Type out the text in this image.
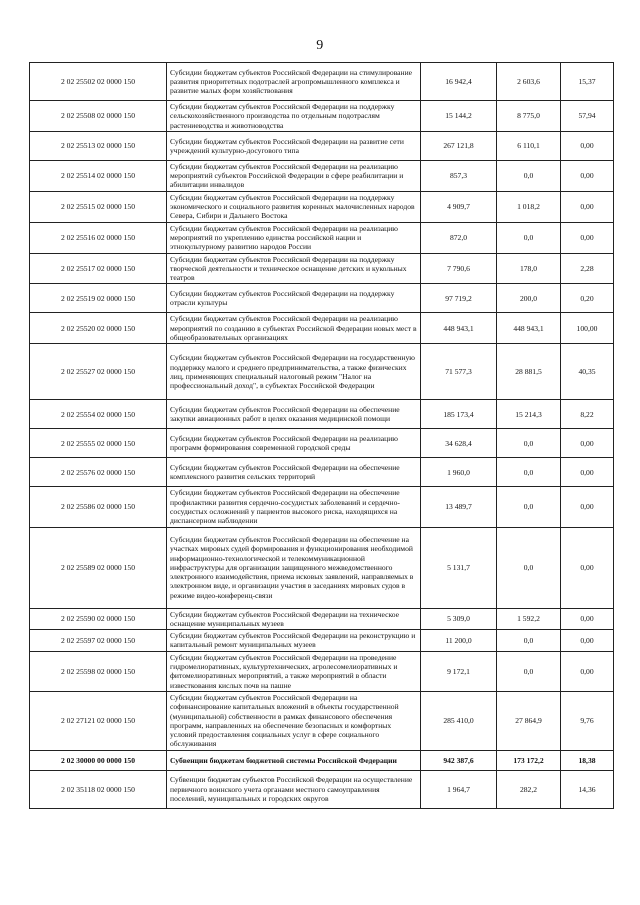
9
2 02 25502 02 0000 150	Субсидии бюджетам субъектов Российской Федерации на стимулирование развития приоритетных подотраслей агропромышленного комплекса и развитие малых форм хозяйствования	16 942,4	2 603,6	15,37
2 02 25508 02 0000 150	Субсидии бюджетам субъектов Российской Федерации на поддержку сельскохозяйственного производства по отдельным подотраслям растениеводства и животноводства	15 144,2	8 775,0	57,94
2 02 25513 02 0000 150	Субсидии бюджетам субъектов Российской Федерации на развитие сети учреждений культурно-досугового типа	267 121,8	6 110,1	0,00
2 02 25514 02 0000 150	Субсидии бюджетам субъектов Российской Федерации на реализацию мероприятий субъектов Российской Федерации в сфере реабилитации и абилитации инвалидов	857,3	0,0	0,00
2 02 25515 02 0000 150	Субсидии бюджетам субъектов Российской Федерации на поддержку экономического и социального развития коренных малочисленных народов Севера, Сибири и Дальнего Востока	4 909,7	1 018,2	0,00
2 02 25516 02 0000 150	Субсидии бюджетам субъектов Российской Федерации на реализацию мероприятий по укреплению единства российской нации и этнокультурному развитию народов России	872,0	0,0	0,00
2 02 25517 02 0000 150	Субсидии бюджетам субъектов Российской Федерации на поддержку творческой деятельности и техническое оснащение детских и кукольных театров	7 790,6	178,0	2,28
2 02 25519 02 0000 150	Субсидии бюджетам субъектов Российской Федерации на поддержку отрасли культуры	97 719,2	200,0	0,20
2 02 25520 02 0000 150	Субсидии бюджетам субъектов Российской Федерации на реализацию мероприятий по созданию в субъектах Российской Федерации новых мест в общеобразовательных организациях	448 943,1	448 943,1	100,00
2 02 25527 02 0000 150	Субсидии бюджетам субъектов Российской Федерации на государственную поддержку малого и среднего предпринимательства, а также физических лиц, применяющих специальный налоговый режим "Налог на профессиональный доход", в субъектах Российской Федерации	71 577,3	28 881,5	40,35
2 02 25554 02 0000 150	Субсидии бюджетам субъектов Российской Федерации на обеспечение закупки авиационных работ в целях оказания медицинской помощи	185 173,4	15 214,3	8,22
2 02 25555 02 0000 150	Субсидии бюджетам субъектов Российской Федерации на реализацию программ формирования современной городской среды	34 628,4	0,0	0,00
2 02 25576 02 0000 150	Субсидии бюджетам субъектов Российской Федерации на обеспечение комплексного развития сельских территорий	1 960,0	0,0	0,00
2 02 25586 02 0000 150	Субсидии бюджетам субъектов Российской Федерации на обеспечение профилактики развития сердечно-сосудистых заболеваний и сердечно-сосудистых осложнений у пациентов высокого риска, находящихся на диспансерном наблюдении	13 489,7	0,0	0,00
2 02 25589 02 0000 150	Субсидии бюджетам субъектов Российской Федерации на обеспечение на участках мировых судей формирования и функционирования необходимой информационно-технологической и телекоммуникационной инфраструктуры для организации защищенного межведомственного электронного взаимодействия, приема исковых заявлений, направляемых в электронном виде, и организации участия в заседаниях мировых судов в режиме видео-конференц-связи	5 131,7	0,0	0,00
2 02 25590 02 0000 150	Субсидии бюджетам субъектов Российской Федерации на техническое оснащение муниципальных музеев	5 309,0	1 592,2	0,00
2 02 25597 02 0000 150	Субсидии бюджетам субъектов Российской Федерации на реконструкцию и капитальный ремонт муниципальных музеев	11 200,0	0,0	0,00
2 02 25598 02 0000 150	Субсидии бюджетам субъектов Российской Федерации на проведение гидромелиоративных, культуртехнических, агролесомелиоративных и фитомелиоративных мероприятий, а также мероприятий в области известкования кислых почв на пашне	9 172,1	0,0	0,00
2 02 27121 02 0000 150	Субсидии бюджетам субъектов Российской Федерации на софинансирование капитальных вложений в объекты государственной (муниципальной) собственности в рамках финансового обеспечения программ, направленных на обеспечение безопасных и комфортных условий предоставления социальных услуг в сфере социального обслуживания	285 410,0	27 864,9	9,76
2 02 30000 00 0000 150	Субвенции бюджетам бюджетной системы Российской Федерации	942 387,6	173 172,2	18,38
2 02 35118 02 0000 150	Субвенции бюджетам субъектов Российской Федерации на осуществление первичного воинского учета органами местного самоуправления поселений, муниципальных и городских округов	1 964,7	282,2	14,36
